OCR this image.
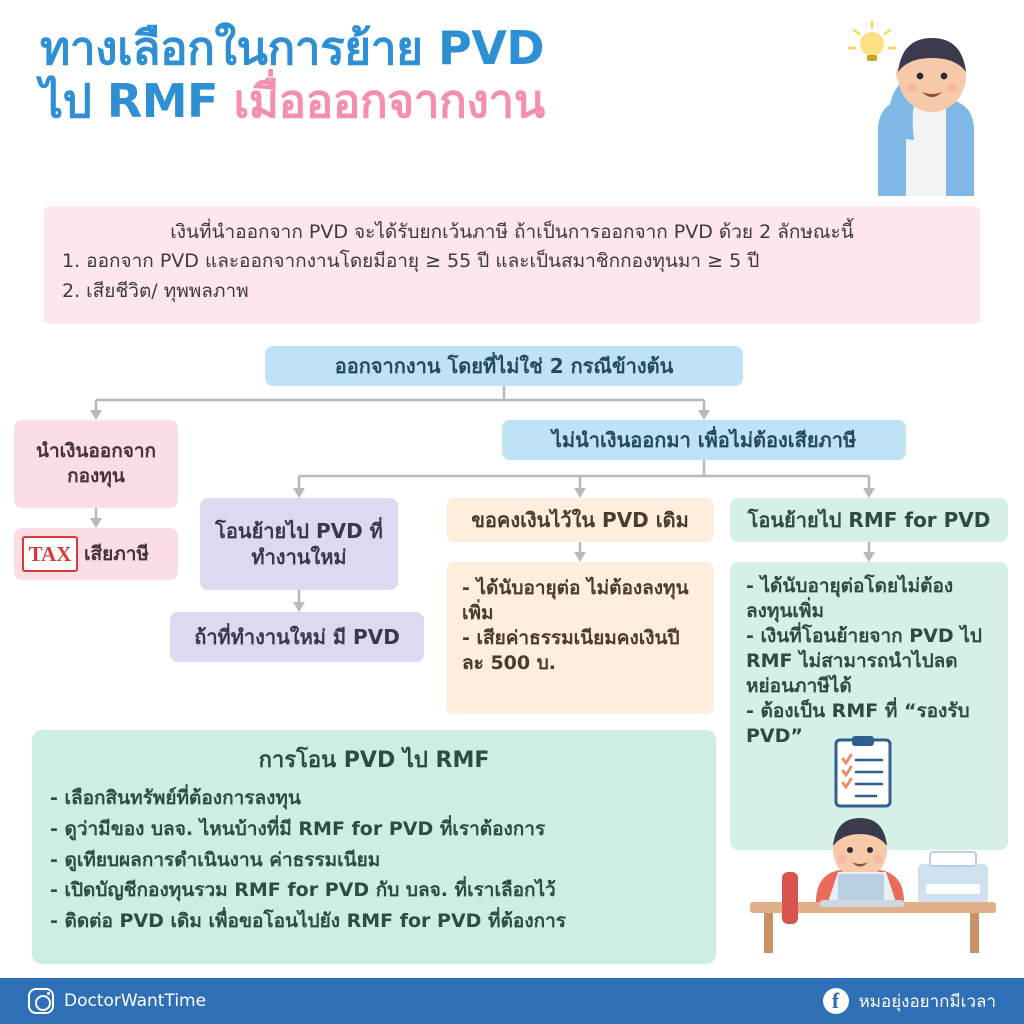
ทางเลือกในการย้าย PVD
ไป RMF เมื่อออกจากงาน
เงินที่นำออกจาก PVD จะได้รับยกเว้นภาษี ถ้าเป็นการออกจาก PVD ด้วย 2 ลักษณะนี้
1. ออกจาก PVD และออกจากงานโดยมีอายุ ≥ 55 ปี และเป็นสมาชิกกองทุนมา ≥ 5 ปี
2. เสียชีวิต/ ทุพพลภาพ
ออกจากงาน โดยที่ไม่ใช่ 2 กรณีข้างต้น
นำเงินออกจากกองทุน
TAX เสียภาษี
ไม่นำเงินออกมา เพื่อไม่ต้องเสียภาษี
โอนย้ายไป PVD ที่ทำงานใหม่
ถ้าที่ทำงานใหม่ มี PVD
ขอคงเงินไว้ใน PVD เดิม
- ได้นับอายุต่อ ไม่ต้องลงทุนเพิ่ม
- เสียค่าธรรมเนียมคงเงินปีละ 500 บ.
โอนย้ายไป RMF for PVD
- ได้นับอายุต่อโดยไม่ต้องลงทุนเพิ่ม
- เงินที่โอนย้ายจาก PVD ไป RMF ไม่สามารถนำไปลดหย่อนภาษีได้
- ต้องเป็น RMF ที่ “รองรับ PVD”
การโอน PVD ไป RMF
- เลือกสินทรัพย์ที่ต้องการลงทุน
- ดูว่ามีของ บลจ. ไหนบ้างที่มี RMF for PVD ที่เราต้องการ
- ดูเทียบผลการดำเนินงาน ค่าธรรมเนียม
- เปิดบัญชีกองทุนรวม RMF for PVD กับ บลจ. ที่เราเลือกไว้
- ติดต่อ PVD เดิม เพื่อขอโอนไปยัง RMF for PVD ที่ต้องการ
DoctorWantTime	f	หมอยุ่งอยากมีเวลา
